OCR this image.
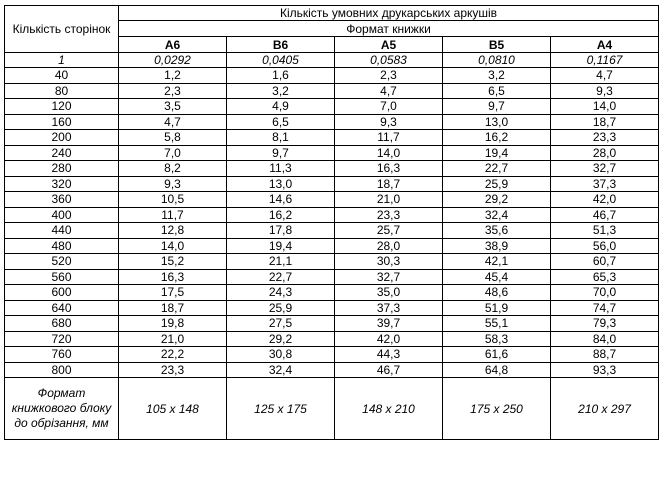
Кількість сторінок	Кількість умовних друкарських аркушів				
	Формат книжки				
	A6	B6	A5	B5	A4
1	0,0292	0,0405	0,0583	0,0810	0,1167
40	1,2	1,6	2,3	3,2	4,7
80	2,3	3,2	4,7	6,5	9,3
120	3,5	4,9	7,0	9,7	14,0
160	4,7	6,5	9,3	13,0	18,7
200	5,8	8,1	11,7	16,2	23,3
240	7,0	9,7	14,0	19,4	28,0
280	8,2	11,3	16,3	22,7	32,7
320	9,3	13,0	18,7	25,9	37,3
360	10,5	14,6	21,0	29,2	42,0
400	11,7	16,2	23,3	32,4	46,7
440	12,8	17,8	25,7	35,6	51,3
480	14,0	19,4	28,0	38,9	56,0
520	15,2	21,1	30,3	42,1	60,7
560	16,3	22,7	32,7	45,4	65,3
600	17,5	24,3	35,0	48,6	70,0
640	18,7	25,9	37,3	51,9	74,7
680	19,8	27,5	39,7	55,1	79,3
720	21,0	29,2	42,0	58,3	84,0
760	22,2	30,8	44,3	61,6	88,7
800	23,3	32,4	46,7	64,8	93,3
Формат книжкового блоку до обрізання, мм	105 х 148	125 х 175	148 х 210	175 х 250	210 х 297
